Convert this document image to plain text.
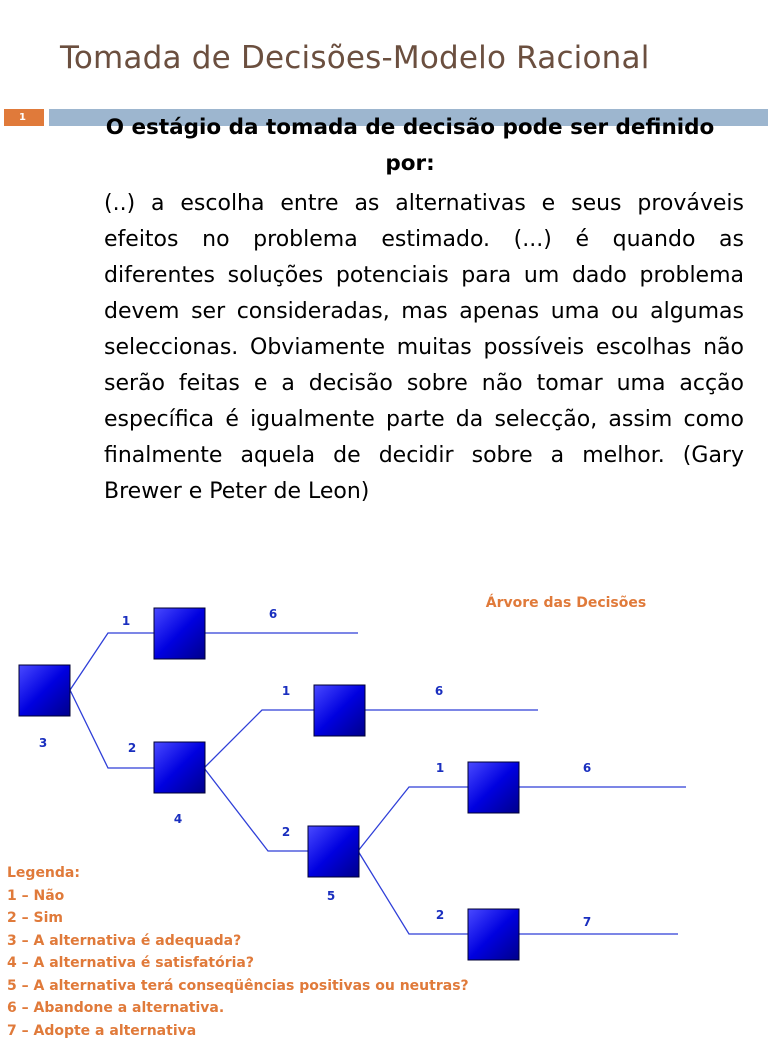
Tomada de Decisões-Modelo Racional
1	O estágio da tomada de decisão pode ser definido por:
(..) a escolha entre as alternativas e seus prováveis efeitos no problema estimado. (...) é quando as diferentes soluções potenciais para um dado problema devem ser consideradas, mas apenas uma ou algumas seleccionas. Obviamente muitas possíveis escolhas não serão feitas e a decisão sobre não tomar uma acção específica é igualmente parte da selecção, assim como finalmente aquela de decidir sobre a melhor. (Gary Brewer e Peter de Leon)
Árvore das Decisões
3
4
5
1
2
6
1
2
6
1
2
6
7
Legenda:
1 – Não
2 – Sim
3 – A alternativa é adequada?
4 – A alternativa é satisfatória?
5 – A alternativa terá conseqüências positivas ou neutras?
6 – Abandone a alternativa.
7 – Adopte a alternativa
